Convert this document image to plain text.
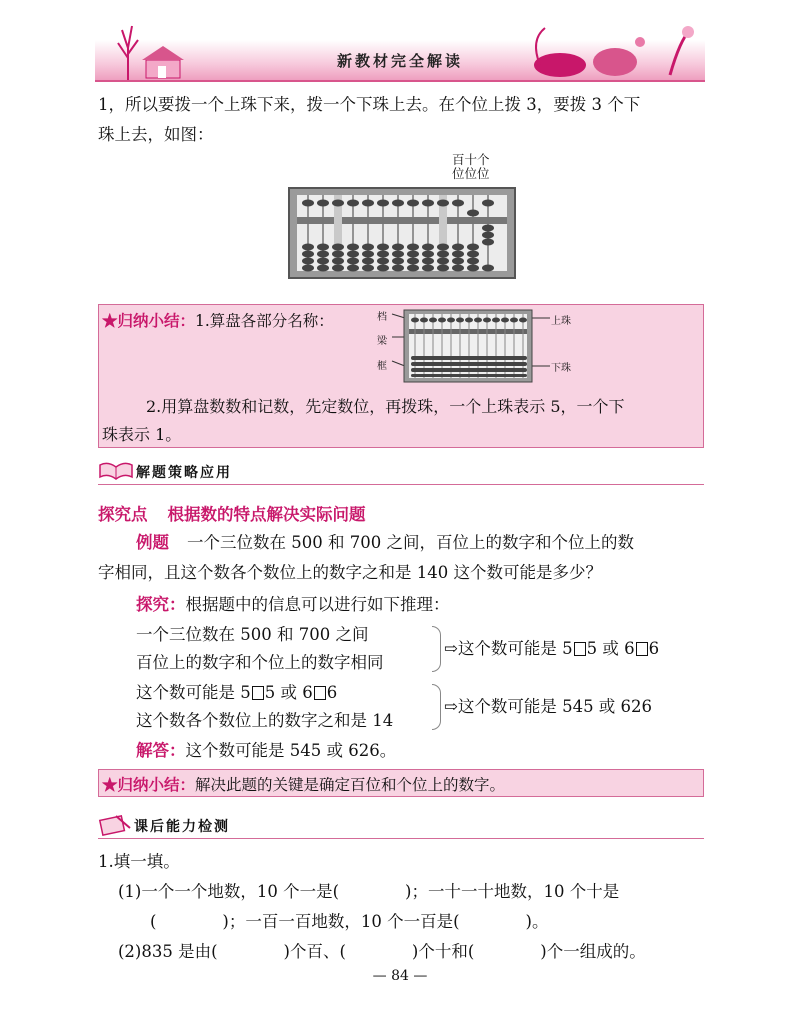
新教材完全解读
1，所以要拨一个上珠下来，拨一个下珠上去。在个位上拨 3，要拨 3 个下
珠上去，如图：
百十个
位位位
★归纳小结：1.算盘各部分名称：	档
梁
框
上珠
下珠
2.用算盘数数和记数，先定数位，再拨珠，一个上珠表示 5，一个下
珠表示 1。
解题策略应用
探究点 根据数的特点解决实际问题
例题 一个三位数在 500 和 700 之间，百位上的数字和个位上的数
字相同，且这个数各个数位上的数字之和是 140 这个数可能是多少？
探究：根据题中的信息可以进行如下推理：
一个三位数在 500 和 700 之间
百位上的数字和个位上的数字相同
⇨这个数可能是 5 5 或 6 6
这个数可能是 5 5 或 6 6
这个数各个数位上的数字之和是 14
⇨这个数可能是 545 或 626
解答：这个数可能是 545 或 626。
★归纳小结：解决此题的关键是确定百位和个位上的数字。
课后能力检测
1.填一填。
(1)一个一个地数，10 个一是(　　　　)；一十一十地数，10 个十是
(　　　　)；一百一百地数，10 个一百是(　　　　)。
(2)835 是由(　　　　)个百、(　　　　)个十和(　　　　)个一组成的。
— 84 —
